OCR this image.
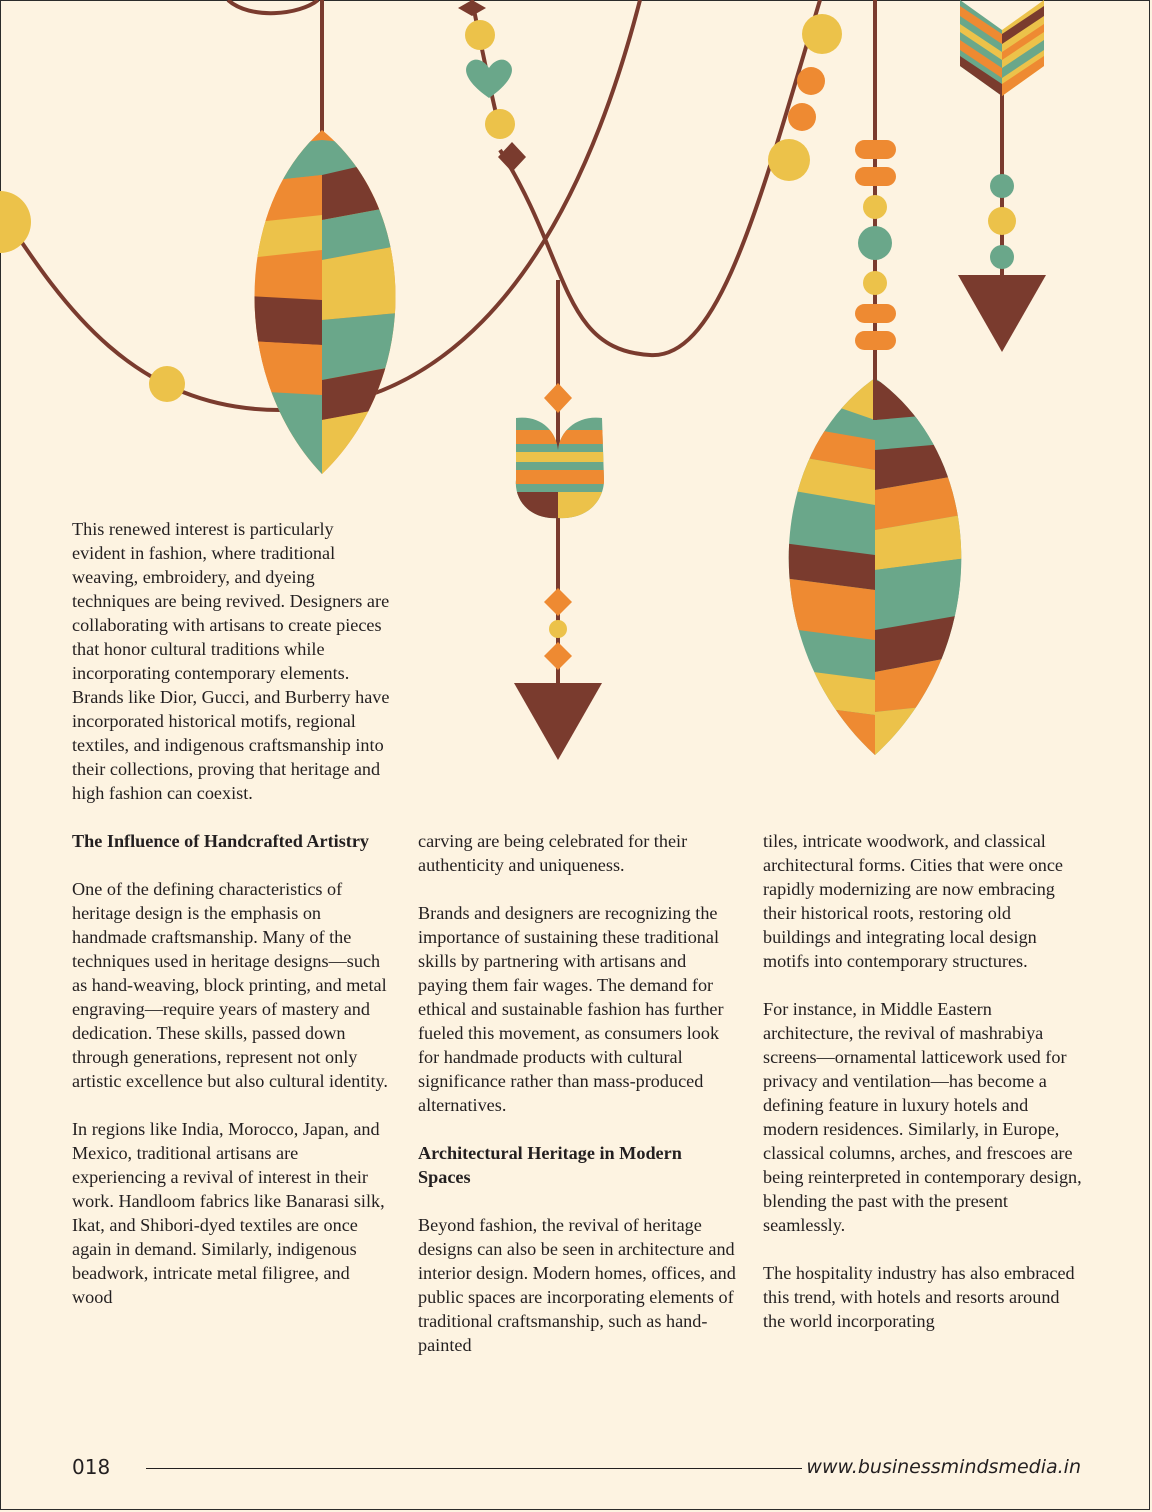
This renewed interest is particularly evident in fashion, where traditional weaving, embroidery, and dyeing techniques are being revived. Designers are collaborating with artisans to create pieces that honor cultural traditions while incorporating contemporary elements. Brands like Dior, Gucci, and Burberry have incorporated historical motifs, regional textiles, and indigenous craftsmanship into their collections, proving that heritage and high fashion can coexist.

The Influence of Handcrafted Artistry

One of the defining characteristics of heritage design is the emphasis on handmade craftsmanship. Many of the techniques used in heritage designs—such as hand-weaving, block printing, and metal engraving—require years of mastery and dedication. These skills, passed down through generations, represent not only artistic excellence but also cultural identity.

In regions like India, Morocco, Japan, and Mexico, traditional artisans are experiencing a revival of interest in their work. Handloom fabrics like Banarasi silk, Ikat, and Shibori-dyed textiles are once again in demand. Similarly, indigenous beadwork, intricate metal filigree, and wood

carving are being celebrated for their authenticity and uniqueness.

Brands and designers are recognizing the importance of sustaining these traditional skills by partnering with artisans and paying them fair wages. The demand for ethical and sustainable fashion has further fueled this movement, as consumers look for handmade products with cultural significance rather than mass-produced alternatives.

Architectural Heritage in Modern Spaces

Beyond fashion, the revival of heritage designs can also be seen in architecture and interior design. Modern homes, offices, and public spaces are incorporating elements of traditional craftsmanship, such as hand-painted

tiles, intricate woodwork, and classical architectural forms. Cities that were once rapidly modernizing are now embracing their historical roots, restoring old buildings and integrating local design motifs into contemporary structures.

For instance, in Middle Eastern architecture, the revival of mashrabiya screens—ornamental latticework used for privacy and ventilation—has become a defining feature in luxury hotels and modern residences. Similarly, in Europe, classical columns, arches, and frescoes are being reinterpreted in contemporary design, blending the past with the present seamlessly.

The hospitality industry has also embraced this trend, with hotels and resorts around the world incorporating

018	www.businessmindsmedia.in
